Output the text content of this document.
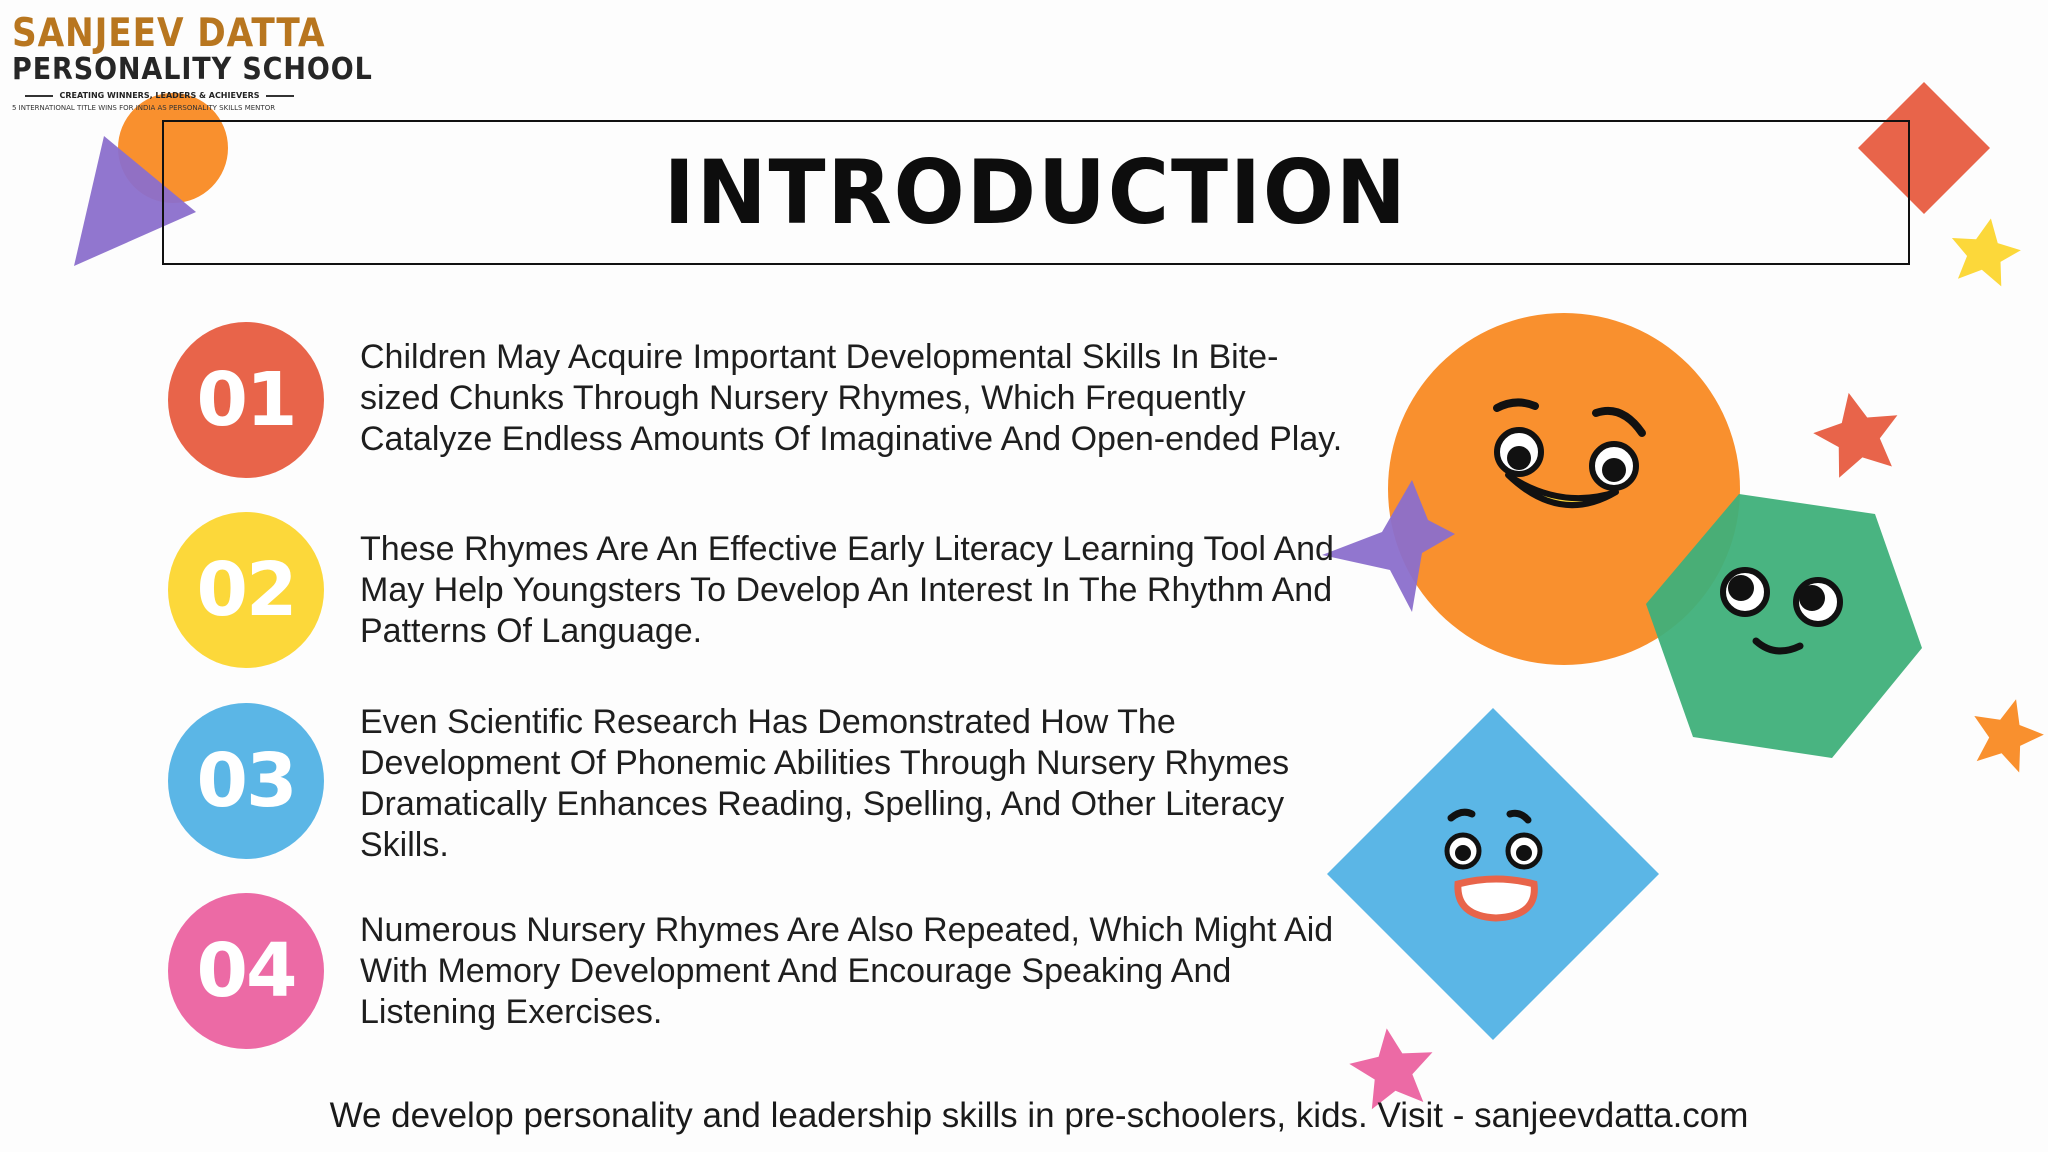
SANJEEV DATTA
PERSONALITY SCHOOL
CREATING WINNERS, LEADERS & ACHIEVERS
5 INTERNATIONAL TITLE WINS FOR INDIA AS PERSONALITY SKILLS MENTOR
INTRODUCTION
01 Children May Acquire Important Developmental Skills In Bite-sized Chunks Through Nursery Rhymes, Which Frequently Catalyze Endless Amounts Of Imaginative And Open-ended Play.
02 These Rhymes Are An Effective Early Literacy Learning Tool And May Help Youngsters To Develop An Interest In The Rhythm And Patterns Of Language.
03
Even Scientific Research Has Demonstrated How The Development Of Phonemic Abilities Through Nursery Rhymes Dramatically Enhances Reading, Spelling, And Other Literacy Skills.
04 Numerous Nursery Rhymes Are Also Repeated, Which Might Aid With Memory Development And Encourage Speaking And Listening Exercises.
We develop personality and leadership skills in pre-schoolers, kids. Visit - sanjeevdatta.com
